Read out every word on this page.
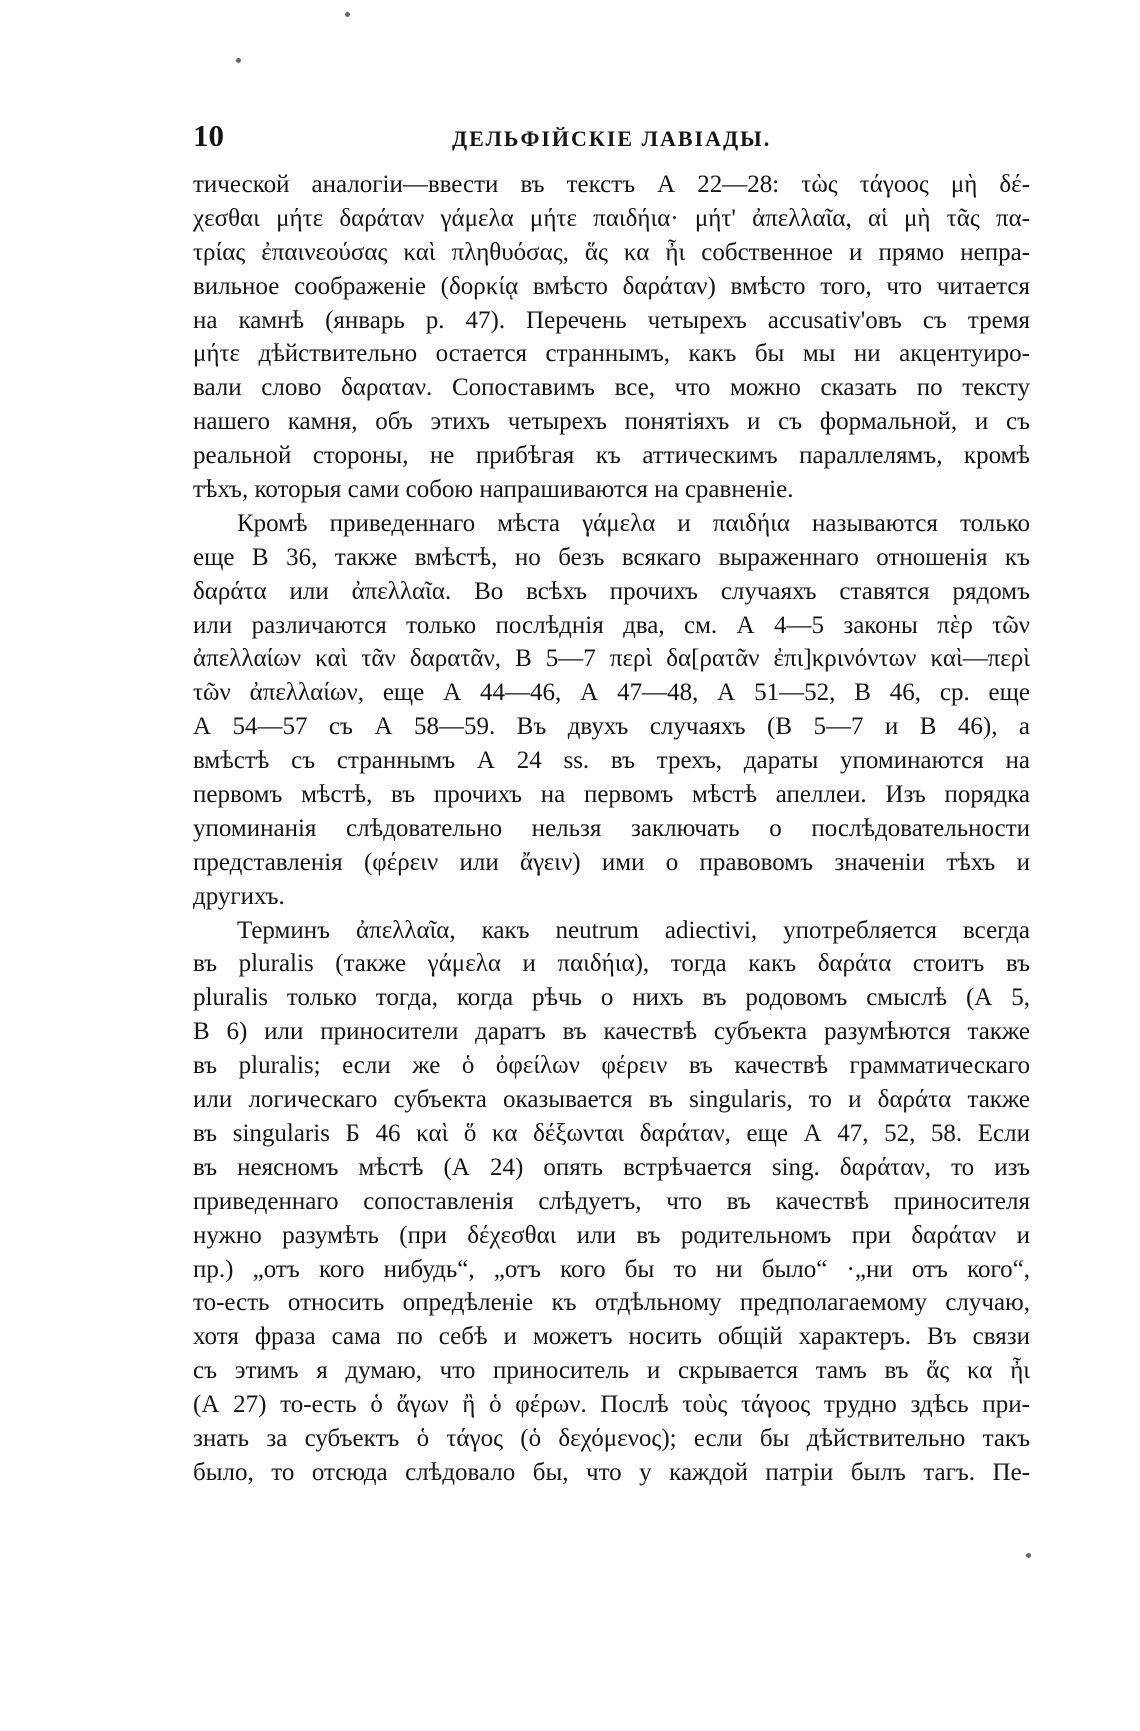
10	ДЕЛЬФІЙСКІЕ ЛАВІАДЫ.
тической аналогіи—ввести въ текстъ А 22—28: τὼς τάγοος μὴ δέ-
χεσθαι μήτε δαράταν γάμελα μήτε παιδήια· μήτ' ἀπελλαῖα, αἱ μὴ τᾶς πα-
τρίας ἐπαινεούσας καὶ πληθυόσας, ἅς κα ἦι собственное и прямо непра-
вильное соображеніе (δορκίᾳ вмѣсто δαράταν) вмѣсто того, что читается
на камнѣ (январь р. 47). Перечень четырехъ accusativ'овъ съ тремя
μήτε дѣйствительно остается страннымъ, какъ бы мы ни акцентуиро-
вали слово δαραταν. Сопоставимъ все, что можно сказать по тексту
нашего камня, объ этихъ четырехъ понятіяхъ и съ формальной, и съ
реальной стороны, не прибѣгая къ аттическимъ параллелямъ, кромѣ
тѣхъ, которыя сами собою напрашиваются на сравненіе.
Кромѣ приведеннаго мѣста γάμελα и παιδήια называются только
еще В 36, также вмѣстѣ, но безъ всякаго выраженнаго отношенія къ
δαράτα или ἀπελλαῖα. Во всѣхъ прочихъ случаяхъ ставятся рядомъ
или различаются только послѣднія два, см. А 4—5 законы πὲρ τῶν
ἀπελλαίων καὶ τᾶν δαρατᾶν, В 5—7 περὶ δα[ρατᾶν ἐπι]κρινόντων καὶ—περὶ
τῶν ἀπελλαίων, еще А 44—46, А 47—48, А 51—52, В 46, ср. еще
А 54—57 съ А 58—59. Въ двухъ случаяхъ (В 5—7 и В 46), а
вмѣстѣ съ страннымъ А 24 ss. въ трехъ, дараты упоминаются на
первомъ мѣстѣ, въ прочихъ на первомъ мѣстѣ апеллеи. Изъ порядка
упоминанія слѣдовательно нельзя заключать о послѣдовательности
представленія (φέρειν или ἄγειν) ими о правовомъ значеніи тѣхъ и
другихъ.
Терминъ ἀπελλαῖα, какъ neutrum adiectivi, употребляется всегда
въ pluralis (также γάμελα и παιδήια), тогда какъ δαράτα стоитъ въ
pluralis только тогда, когда рѣчь о нихъ въ родовомъ смыслѣ (А 5,
В 6) или приносители даратъ въ качествѣ субъекта разумѣются также
въ pluralis; если же ὁ ὀφείλων φέρειν въ качествѣ грамматическаго
или логическаго субъекта оказывается въ singularis, то и δαράτα также
въ singularis Б 46 καὶ ὅ κα δέξωνται δαράταν, еще А 47, 52, 58. Если
въ неясномъ мѣстѣ (А 24) опять встрѣчается sing. δαράταν, то изъ
приведеннаго сопоставленія слѣдуетъ, что въ качествѣ приносителя
нужно разумѣть (при δέχεσθαι или въ родительномъ при δαράταν и
пр.) „отъ кого нибудь“, „отъ кого бы то ни было“ ·„ни отъ кого“,
то-есть относить опредѣленіе къ отдѣльному предполагаемому случаю,
хотя фраза сама по себѣ и можетъ носить общій характеръ. Въ связи
съ этимъ я думаю, что приноситель и скрывается тамъ въ ἅς κα ἦι
(А 27) то-есть ὁ ἄγων ἢ ὁ φέρων. Послѣ τοὺς τάγοος трудно здѣсь при-
знать за субъектъ ὁ τάγος (ὁ δεχόμενος); если бы дѣйствительно такъ
было, то отсюда слѣдовало бы, что у каждой патріи былъ тагъ. Пе-
